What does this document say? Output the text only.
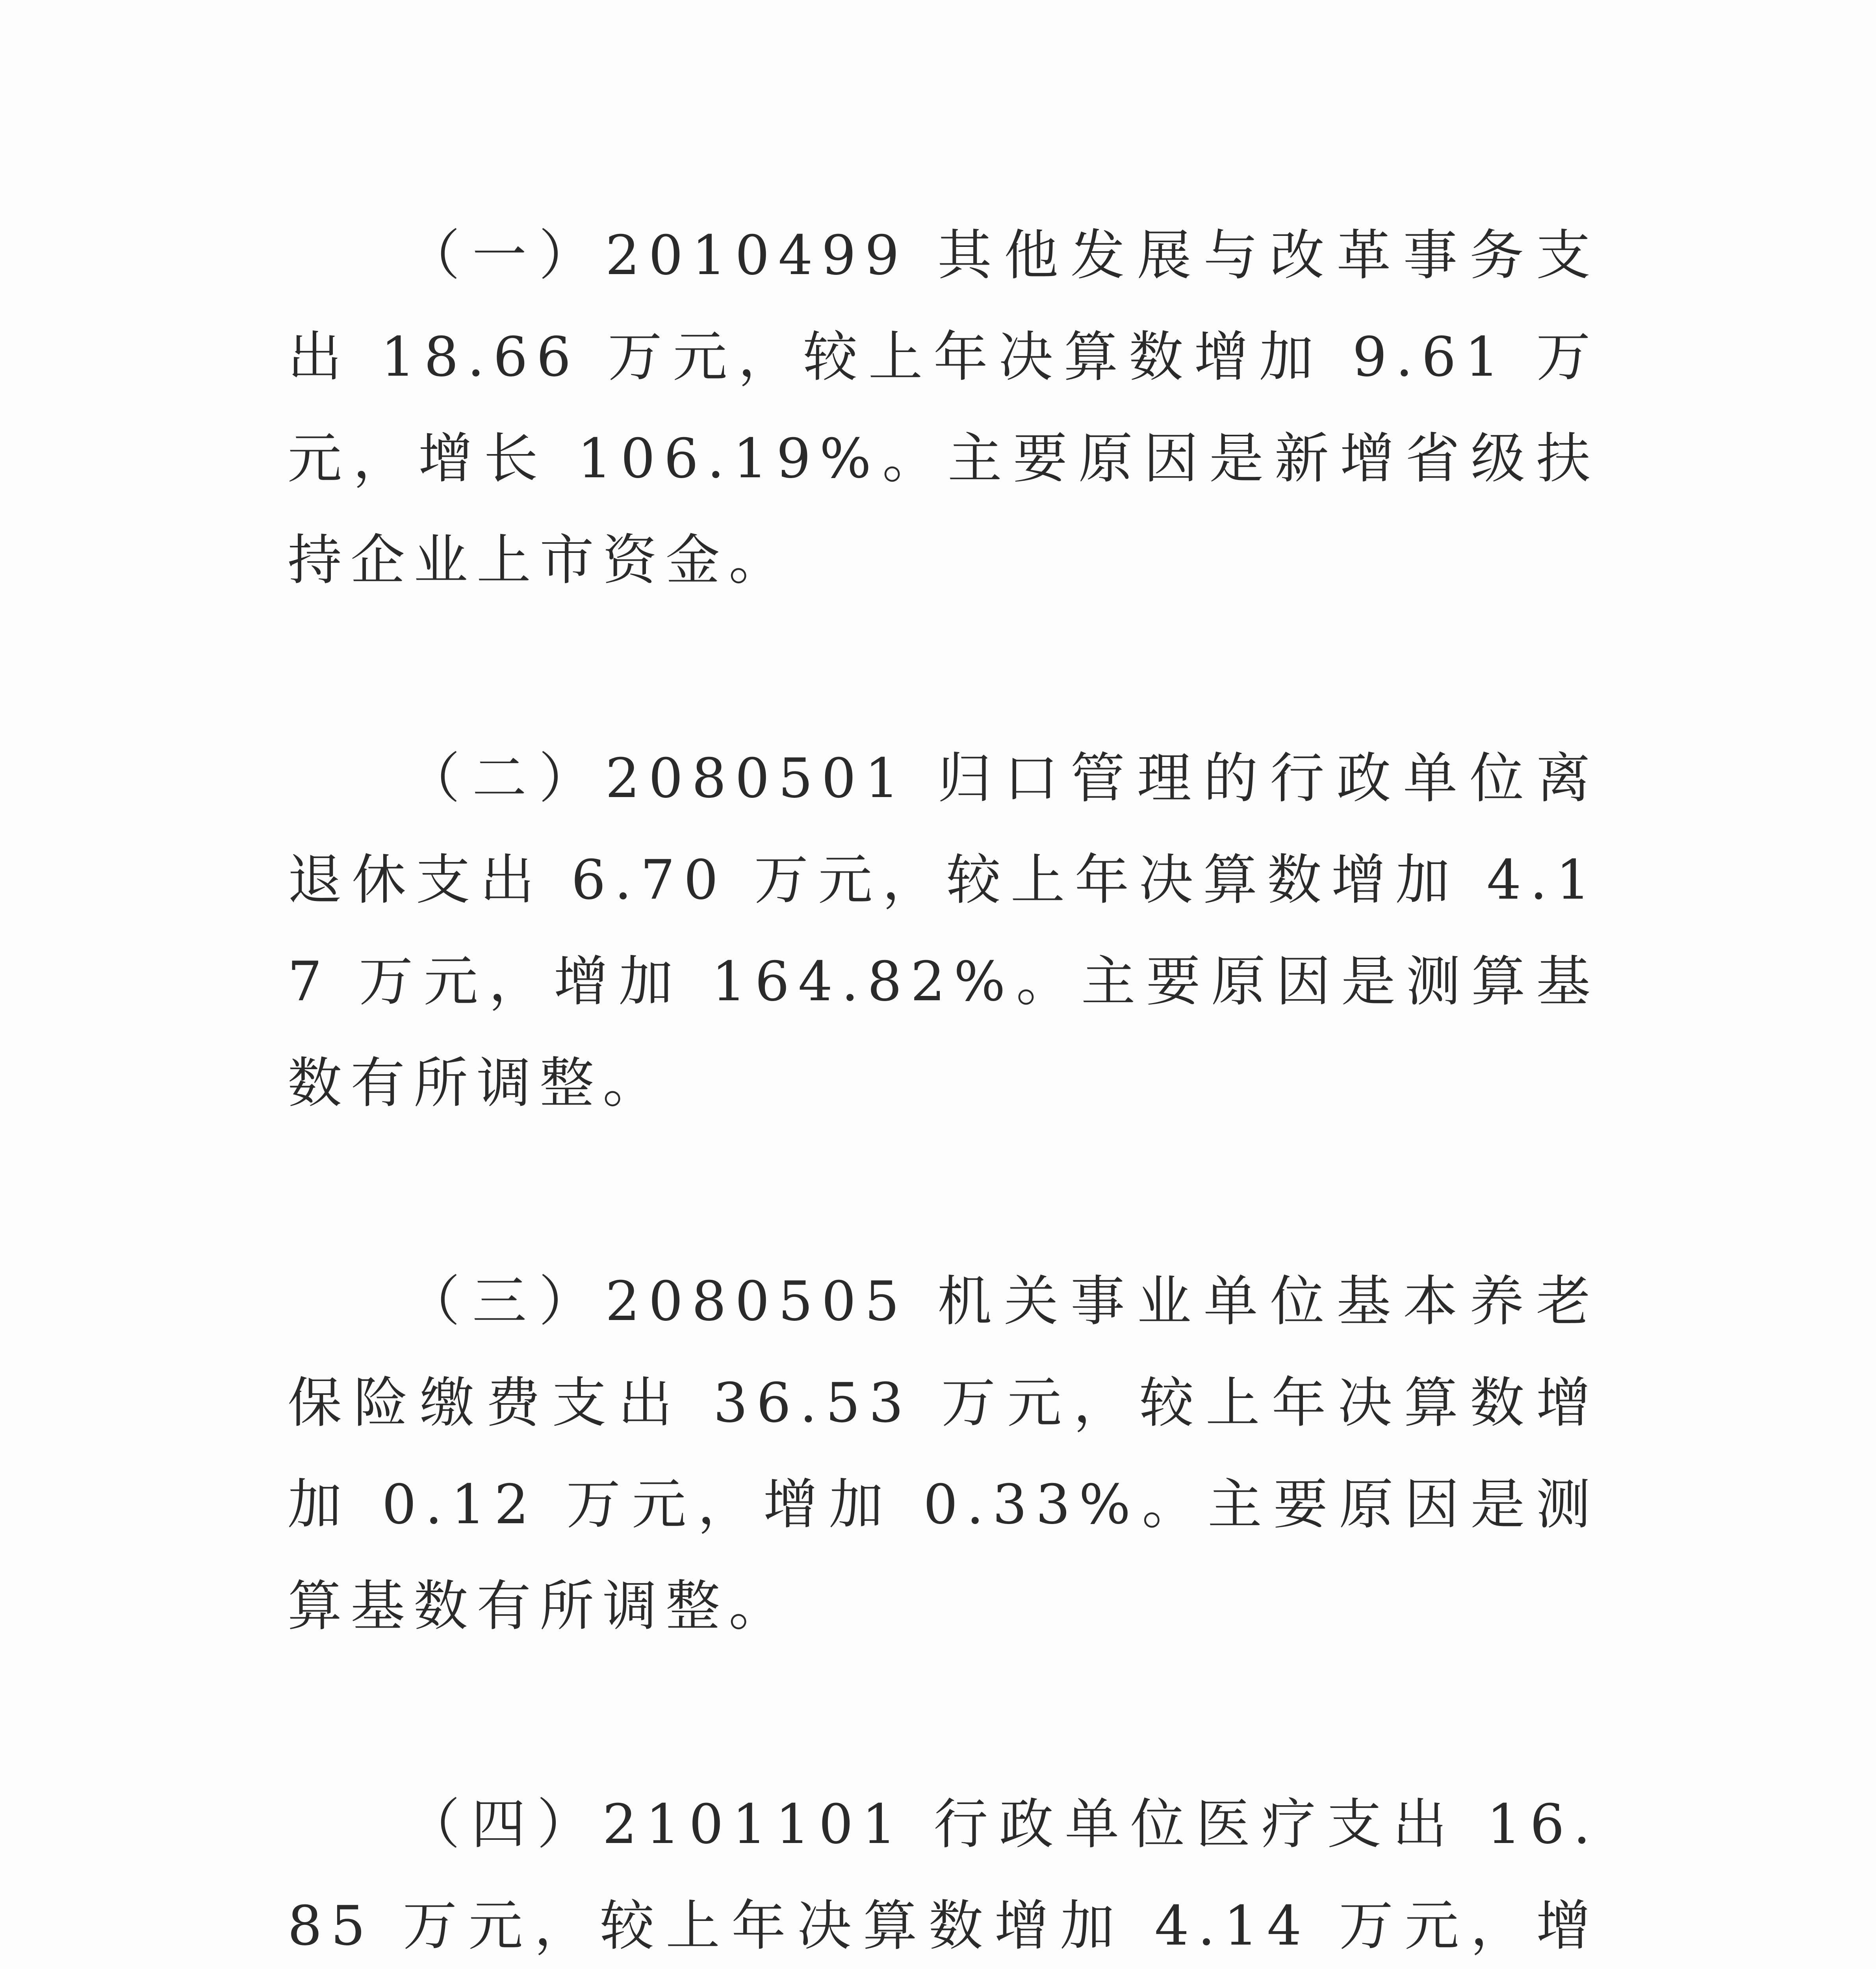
（一）2010499 其他发展与改革事务支出 18.66 万元，较上年决算数增加 9.61 万元，增长 106.19%。主要原因是新增省级扶持企业上市资金。

（二）2080501 归口管理的行政单位离退休支出 6.70 万元，较上年决算数增加 4.17 万元，增加 164.82%。主要原因是测算基数有所调整。

（三）2080505 机关事业单位基本养老保险缴费支出 36.53 万元，较上年决算数增加 0.12 万元，增加 0.33%。主要原因是测算基数有所调整。

（四）2101101 行政单位医疗支出 16.85 万元，较上年决算数增加 4.14 万元，增
